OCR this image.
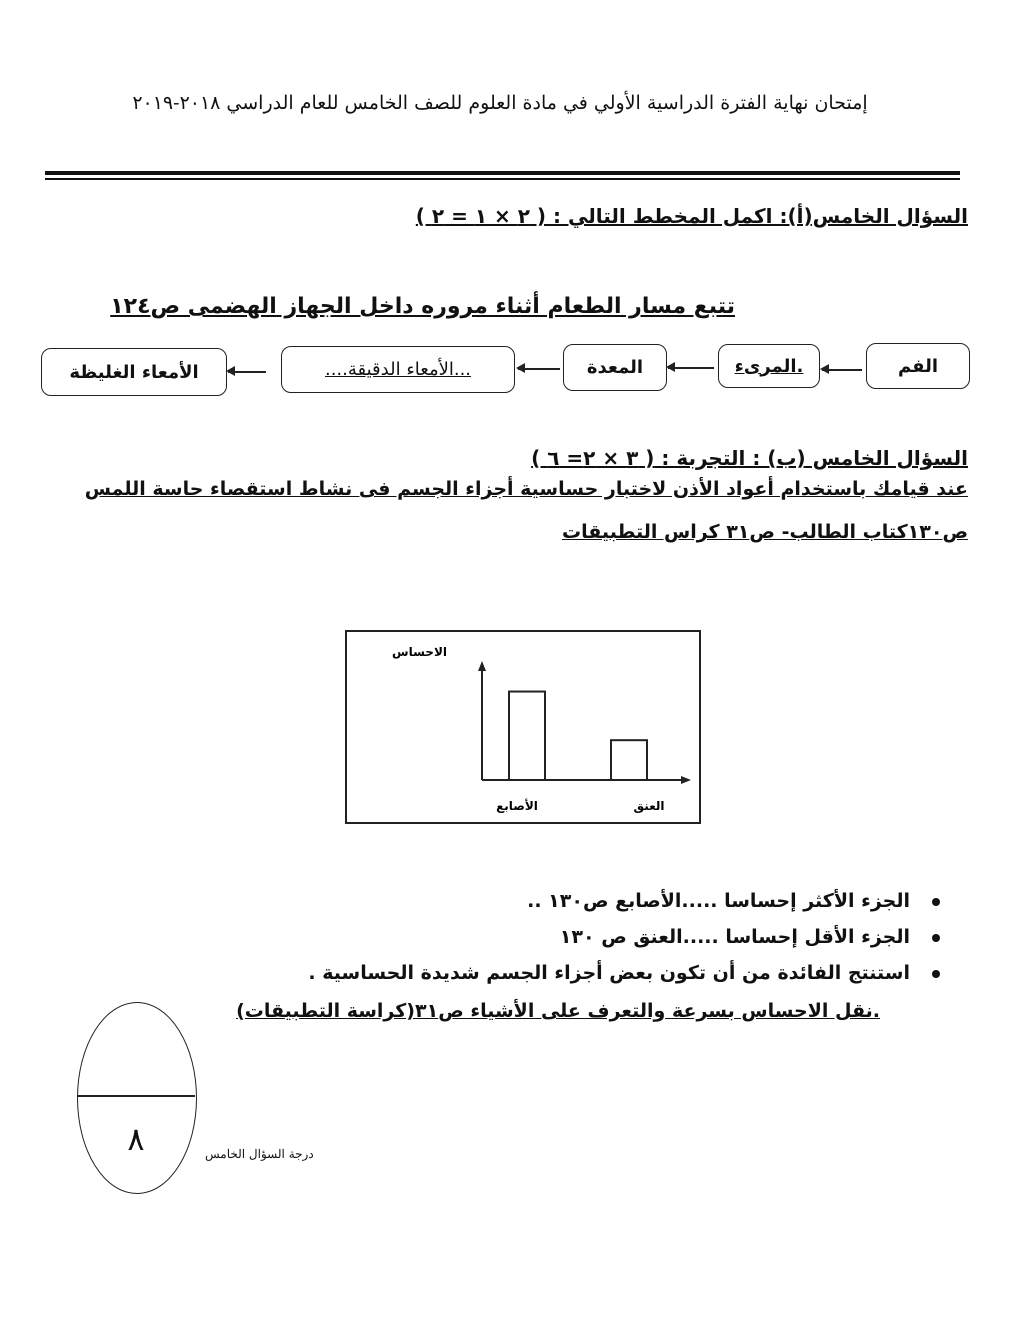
إمتحان نهاية الفترة الدراسية الأولي في مادة العلوم للصف الخامس للعام الدراسي ٢٠١٨-٢٠١٩
السؤال الخامس(أ): اكمل المخطط التالي : ( ٢ × ١ = ٢ )
تتبع مسار الطعام أثناء مروره داخل الجهاز الهضمى ص١٢٤
الفم
.المرىء
المعدة
...الأمعاء الدقيقة....
الأمعاء الغليظة
السؤال الخامس (ب) : التجربة : ( ٣ × ٢= ٦ )
عند قيامك باستخدام أعواد الأذن لاختبار حساسية أجزاء الجسم فى نشاط استقصاء حاسة اللمس
ص١٣٠كتاب الطالب- ص٣١ كراس التطبيقات
الاحساس
الأصابع	العنق
الجزء الأكثر إحساسا .....الأصابع ص١٣٠ ..
الجزء الأقل إحساسا .....العنق ص ١٣٠
استنتج الفائدة من أن تكون بعض أجزاء الجسم شديدة الحساسية .
.نقل الاحساس بسرعة والتعرف على الأشياء ص٣١(كراسة التطبيقات)
٨	درجة السؤال الخامس
